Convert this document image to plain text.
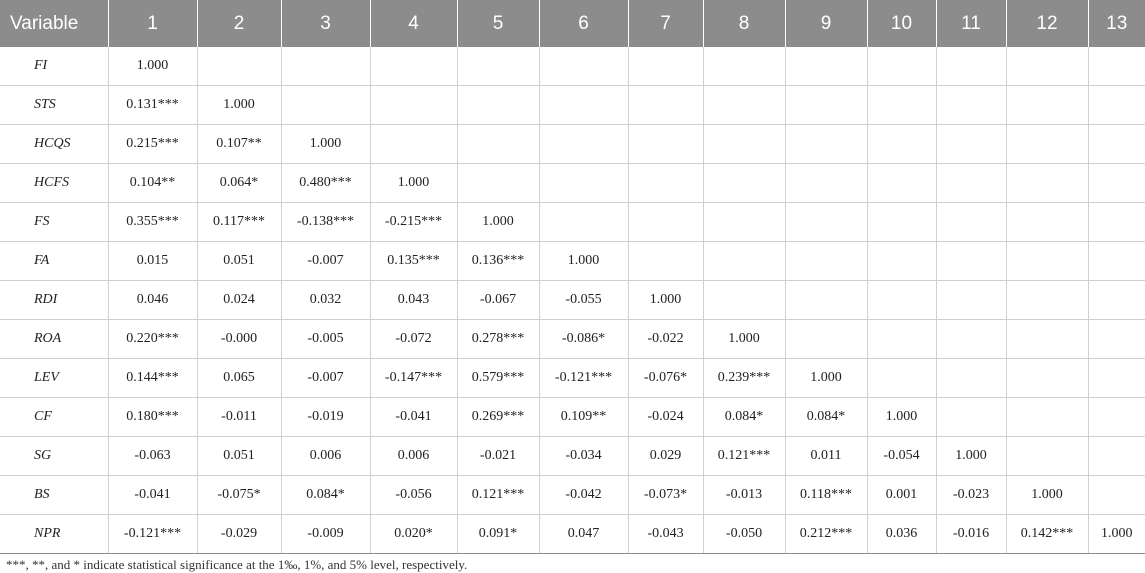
Variable	1	2	3	4	5	6	7	8	9	10	11	12	13
FI	1.000												
STS	0.131***	1.000											
HCQS	0.215***	0.107**	1.000										
HCFS	0.104**	0.064*	0.480***	1.000									
FS	0.355***	0.117***	-0.138***	-0.215***	1.000								
FA	0.015	0.051	-0.007	0.135***	0.136***	1.000							
RDI	0.046	0.024	0.032	0.043	-0.067	-0.055	1.000						
ROA	0.220***	-0.000	-0.005	-0.072	0.278***	-0.086*	-0.022	1.000					
LEV	0.144***	0.065	-0.007	-0.147***	0.579***	-0.121***	-0.076*	0.239***	1.000				
CF	0.180***	-0.011	-0.019	-0.041	0.269***	0.109**	-0.024	0.084*	0.084*	1.000			
SG	-0.063	0.051	0.006	0.006	-0.021	-0.034	0.029	0.121***	0.011	-0.054	1.000		
BS	-0.041	-0.075*	0.084*	-0.056	0.121***	-0.042	-0.073*	-0.013	0.118***	0.001	-0.023	1.000	
NPR	-0.121***	-0.029	-0.009	0.020*	0.091*	0.047	-0.043	-0.050	0.212***	0.036	-0.016	0.142***	1.000

***, **, and * indicate statistical significance at the 1‰, 1%, and 5% level, respectively.
